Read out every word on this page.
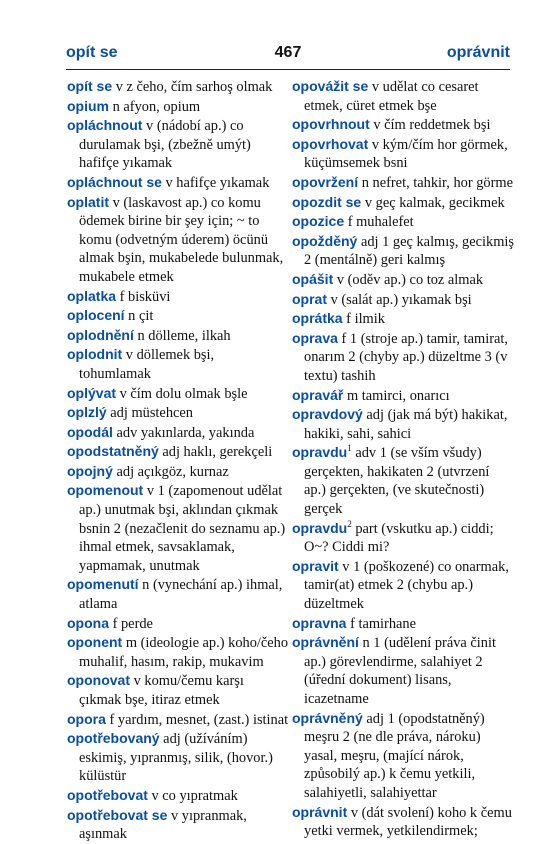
opít se	467	oprávnit

opít se v z čeho, čím sarhoş olmak

opium n afyon, opium

opláchnout v (nádobí ap.) co durulamak bşi, (zbežně umýt) hafifçe yıkamak

opláchnout se v hafifçe yıkamak

oplatit v (laskavost ap.) co komu ödemek birine bir şey için; ~ to komu (odvetným úderem) öcünü almak bşin, mukabelede bulunmak, mukabele etmek

oplatka f bisküvi

oplocení n çit

oplodnění n dölleme, ilkah

oplodnit v döllemek bşi, tohumlamak

oplývat v čím dolu olmak bşle

oplzlý adj müstehcen

opodál adv yakınlarda, yakında

opodstatněný adj haklı, gerekçeli

opojný adj açıkgöz, kurnaz

opomenout v 1 (zapomenout udělat ap.) unutmak bşi, aklından çıkmak bsnin 2 (nezačlenit do seznamu ap.) ihmal etmek, savsaklamak, yapmamak, unutmak

opomenutí n (vynechání ap.) ihmal, atlama

opona f perde

oponent m (ideologie ap.) koho/čeho muhalif, hasım, rakip, mukavim

oponovat v komu/čemu karşı çıkmak bşe, itiraz etmek

opora f yardım, mesnet, (zast.) istinat

opotřebovaný adj (užíváním) eskimiş, yıpranmış, silik, (hovor.) külüstür

opotřebovat v co yıpratmak

opotřebovat se v yıpranmak, aşınmak

opovážit se v udělat co cesaret etmek, cüret etmek bşe

opovrhnout v čím reddetmek bşi

opovrhovat v kým/čím hor görmek, küçümsemek bsni

opovržení n nefret, tahkir, hor görme

opozdit se v geç kalmak, gecikmek

opozice f muhalefet

opožděný adj 1 geç kalmış, gecikmiş 2 (mentálně) geri kalmış

opášit v (oděv ap.) co toz almak

oprat v (salát ap.) yıkamak bşi

oprátka f ilmik

oprava f 1 (stroje ap.) tamir, tamirat, onarım 2 (chyby ap.) düzeltme 3 (v textu) tashih

opravář m tamirci, onarıcı

opravdový adj (jak má být) hakikat, hakiki, sahi, sahici

opravdu$^1$ adv 1 (se vším všudy) gerçekten, hakikaten 2 (utvrzení ap.) gerçekten, (ve skutečnosti) gerçek

opravdu$^2$ part (vskutku ap.) ciddi; O~? Ciddi mi?

opravit v 1 (poškozené) co onarmak, tamir(at) etmek 2 (chybu ap.) düzeltmek

opravna f tamirhane

oprávnění n 1 (udělení práva činit ap.) görevlendirme, salahiyet 2 (úřední dokument) lisans, icazetname

oprávněný adj 1 (opodstatněný) meşru 2 (ne dle práva, nároku) yasal, meşru, (mající nárok, způsobilý ap.) k čemu yetkili, salahiyetli, salahiyettar

oprávnit v (dát svolení) koho k čemu yetki vermek, yetkilendirmek;
